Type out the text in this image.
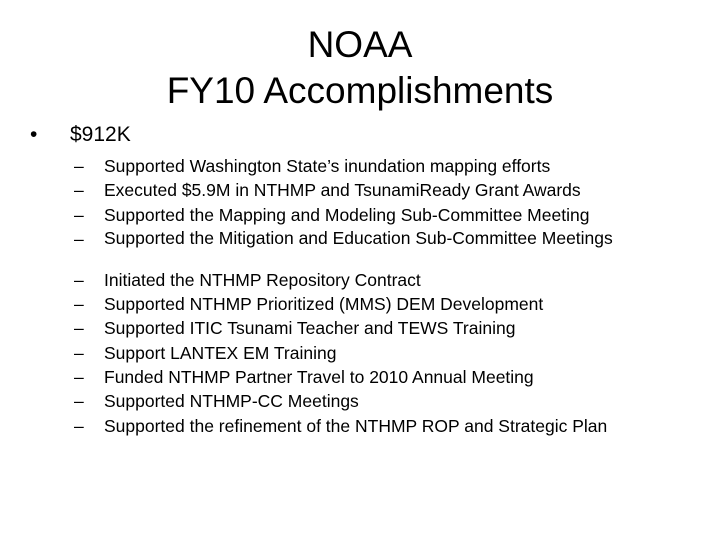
NOAA
FY10 Accomplishments
• $912K
– Supported Washington State’s inundation mapping efforts
– Executed $5.9M in NTHMP and TsunamiReady Grant Awards
– Supported the Mapping and Modeling Sub-Committee Meeting
– Supported the Mitigation and Education Sub-Committee Meetings
– Initiated the NTHMP Repository Contract
– Supported NTHMP Prioritized (MMS) DEM Development
– Supported ITIC Tsunami Teacher and TEWS Training
– Support LANTEX EM Training
– Funded NTHMP Partner Travel to 2010 Annual Meeting
– Supported NTHMP-CC Meetings
– Supported the refinement of the NTHMP ROP and Strategic Plan
